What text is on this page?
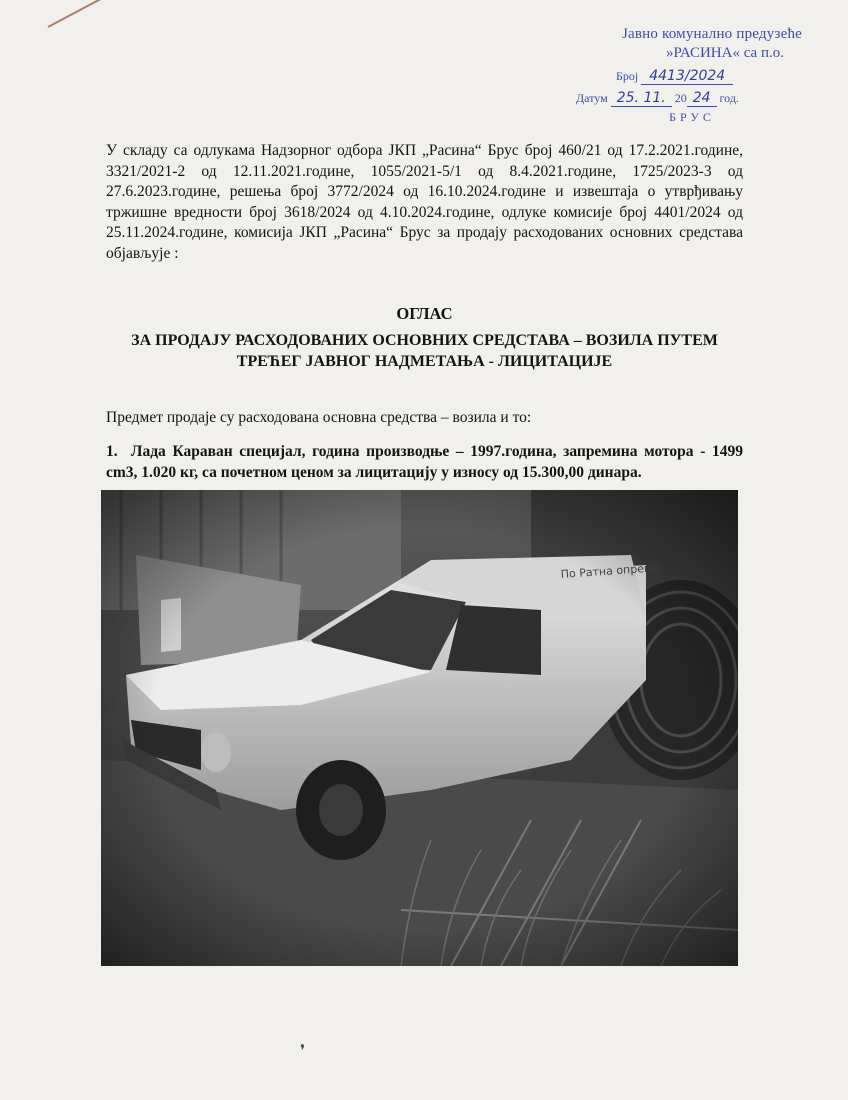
Јавно комунално предузеће
»РАСИНА« са п.о.
Број 4413/2024
Датум 25. 11. 20 24 год.
БРУС

У складу са одлукама Надзорног одбора ЈКП „Расина“ Брус број 460/21 од 17.2.2021.године, 3321/2021-2 од 12.11.2021.године, 1055/2021-5/1 од 8.4.2021.године, 1725/2023-3 од 27.6.2023.године, решења број 3772/2024 од 16.10.2024.године и извештаја о утврђивању тржишне вредности број 3618/2024 од 4.10.2024.године, одлуке комисије број 4401/2024 од 25.11.2024.године, комисија ЈКП „Расина“ Брус за продају расходованих основних средстава објављује :

ОГЛАС
ЗА ПРОДАЈУ РАСХОДОВАНИХ ОСНОВНИХ СРЕДСТАВА – ВОЗИЛА ПУТЕМ ТРЕЋЕГ ЈАВНОГ НАДМЕТАЊА - ЛИЦИТАЦИЈЕ
Предмет продаје су расходована основна средства – возила и то:
1. Лада Караван специјал, година производње – 1997.година, запремина мотора - 1499 cm3, 1.020 кг, са почетном ценом за лицитацију у износу од 15.300,00 динара.
❜
